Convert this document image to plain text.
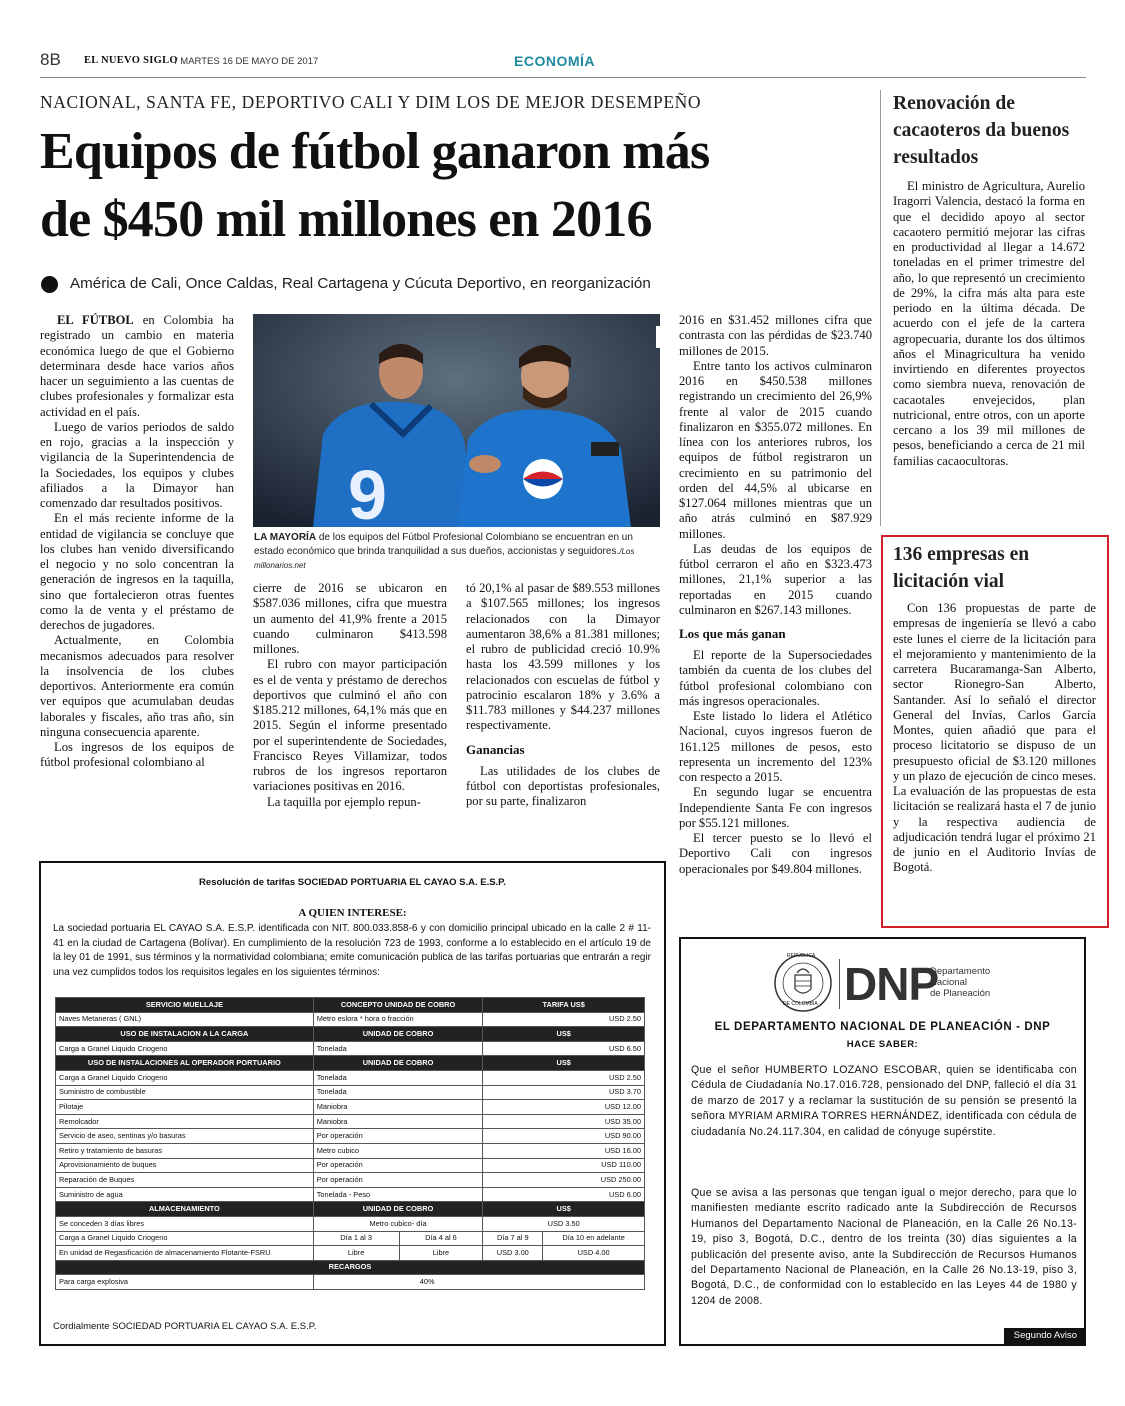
8B EL NUEVO SIGLO
/ MARTES 16 DE MAYO DE 2017	ECONOMÍA
NACIONAL, SANTA FE, DEPORTIVO CALI Y DIM LOS DE MEJOR DESEMPEÑO
Equipos de fútbol ganaron más
de $450 mil millones en 2016
América de Cali, Once Caldas, Real Cartagena y Cúcuta Deportivo, en reorganización

EL FÚTBOL en Colombia ha registrado un cambio en materia económica luego de que el Gobierno determinara desde hace varios años hacer un seguimiento a las cuentas de clubes profesionales y formalizar esta actividad en el país.

Luego de varios periodos de saldo en rojo, gracias a la inspección y vigilancia de la Superintendencia de la Sociedades, los equipos y clubes afiliados a la Dimayor han comenzado dar resultados positivos.

En el más reciente informe de la entidad de vigilancia se concluye que los clubes han venido diversificando el negocio y no solo concentran la generación de ingresos en la taquilla, sino que fortalecieron otras fuentes como la de venta y el préstamo de derechos de jugadores.

Actualmente, en Colombia mecanismos adecuados para resolver la insolvencia de los clubes deportivos. Anteriormente era común ver equipos que acumulaban deudas laborales y fiscales, año tras año, sin ninguna consecuencia aparente.

Los ingresos de los equipos de fútbol profesional colombiano al

9
LA MAYORÍA de los equipos del Fútbol Profesional Colombiano se encuentran en un estado económico que brinda tranquilidad a sus dueños, accionistas y seguidores./Los millonarios.net

cierre de 2016 se ubicaron en $587.036 millones, cifra que muestra un aumento del 41,9% frente a 2015 cuando culminaron $413.598 millones.

El rubro con mayor participación es el de venta y préstamo de derechos deportivos que culminó el año con $185.212 millones, 64,1% más que en 2015. Según el informe presentado por el superintendente de Sociedades, Francisco Reyes Villamizar, todos rubros de los ingresos reportaron variaciones positivas en 2016.

La taquilla por ejemplo repun-

tó 20,1% al pasar de $89.553 millones a $107.565 millones; los ingresos relacionados con la Dimayor aumentaron 38,6% a 81.381 millones; el rubro de publicidad creció 10.9% hasta los 43.599 millones y los relacionados con escuelas de fútbol y patrocinio escalaron 18% y 3.6% a $11.783 millones y $44.237 millones respectivamente.

Ganancias

Las utilidades de los clubes de fútbol con deportistas profesionales, por su parte, finalizaron

2016 en $31.452 millones cifra que contrasta con las pérdidas de $23.740 millones de 2015.

Entre tanto los activos culminaron 2016 en $450.538 millones registrando un crecimiento del 26,9% frente al valor de 2015 cuando finalizaron en $355.072 millones. En línea con los anteriores rubros, los equipos de fútbol registraron un crecimiento en su patrimonio del orden del 44,5% al ubicarse en $127.064 millones mientras que un año atrás culminó en $87.929 millones.

Las deudas de los equipos de fútbol cerraron el año en $323.473 millones, 21,1% superior a las reportadas en 2015 cuando culminaron en $267.143 millones.

Los que más ganan

El reporte de la Supersociedades también da cuenta de los clubes del fútbol profesional colombiano con más ingresos operacionales.

Este listado lo lidera el Atlético Nacional, cuyos ingresos fueron de 161.125 millones de pesos, esto representa un incremento del 123% con respecto a 2015.

En segundo lugar se encuentra Independiente Santa Fe con ingresos por $55.121 millones.

El tercer puesto se lo llevó el Deportivo Cali con ingresos operacionales por $49.804 millones.

Renovación de
cacaoteros da buenos
resultados

El ministro de Agricultura, Aurelio Iragorri Valencia, destacó la forma en que el decidido apoyo al sector cacaotero permitió mejorar las cifras en productividad al llegar a 14.672 toneladas en el primer trimestre del año, lo que representó un crecimiento de 29%, la cifra más alta para este periodo en la última década. De acuerdo con el jefe de la cartera agropecuaria, durante los dos últimos años el Minagricultura ha venido invirtiendo en diferentes proyectos como siembra nueva, renovación de cacaotales envejecidos, plan nutricional, entre otros, con un aporte cercano a los 39 mil millones de pesos, beneficiando a cerca de 21 mil familias cacaocultoras.

136 empresas en
licitación vial

Con 136 propuestas de parte de empresas de ingeniería se llevó a cabo este lunes el cierre de la licitación para el mejoramiento y mantenimiento de la carretera Bucaramanga-San Alberto, sector Rionegro-San Alberto, Santander. Así lo señaló el director General del Invías, Carlos García Montes, quien añadió que para el proceso licitatorio se dispuso de un presupuesto oficial de $3.120 millones y un plazo de ejecución de cinco meses. La evaluación de las propuestas de esta licitación se realizará hasta el 7 de junio y la respectiva audiencia de adjudicación tendrá lugar el próximo 21 de junio en el Auditorio Invías de Bogotá.

Resolución de tarifas SOCIEDAD PORTUARIA EL CAYAO S.A. E.S.P.
A QUIEN INTERESE:
La sociedad portuaria EL CAYAO S.A. E.S.P. identificada con NIT. 800.033.858-6 y con domicilio principal ubicado en la calle 2 # 11- 41 en la ciudad de Cartagena (Bolívar). En cumplimiento de la resolución 723 de 1993, conforme a lo establecido en el artículo 19 de la ley 01 de 1991, sus términos y la normatividad colombiana; emite comunicación publica de las tarifas portuarias que entrarán a regir una vez cumplidos todos los requisitos legales en los siguientes términos:
SERVICIO MUELLAJE	CONCEPTO UNIDAD DE COBRO		TARIFA US$	
Naves Metaneras ( GNL)	Metro eslora * hora o fracción		USD 2.50	
USO DE INSTALACION A LA CARGA	UNIDAD DE COBRO		US$	
Carga a Granel Liquido Criogeno	Tonelada		USD 6.50	
USO DE INSTALACIONES AL OPERADOR PORTUARIO	UNIDAD DE COBRO		US$	
Carga a Granel Liquido Criogeno	Tonelada		USD 2.50	
Suministro de combustible	Tonelada		USD 3.70	
Pilotaje	Maniobra		USD 12.00	
Remolcador	Maniobra		USD 35.00	
Servicio de aseo, sentinas y/o basuras	Por operación		USD 90.00	
Retiro y tratamiento de basuras	Metro cubico		USD 16.00	
Aprovisionamiento de buques	Por operación		USD 110.00	
Reparación de Buques	Por operación		USD 250.00	
Suministro de agua	Tonelada - Peso		USD 6.00	
ALMACENAMIENTO	UNIDAD DE COBRO		US$	
Se conceden 3 días libres	Metro cubico- día		USD 3.50	
Carga a Granel Liquido Criogeno	Día 1 al 3	Día 4 al 6	Día 7 al 9	Día 10 en adelante
En unidad de Regasificación de almacenamiento Flotante-FSRU	Libre	Libre	USD 3.00	USD 4.00
RECARGOS				
Para carga explosiva	40%			
Cordialmente SOCIEDAD PORTUARIA EL CAYAO S.A. E.S.P.
REPÚBLICA
DE COLOMBIA DNP
Departamento
Nacional
de Planeación
EL DEPARTAMENTO NACIONAL DE PLANEACIÓN - DNP
HACE SABER:
Que el señor HUMBERTO LOZANO ESCOBAR, quien se identificaba con Cédula de Ciudadanía No.17.016.728, pensionado del DNP, falleció el día 31 de marzo de 2017 y a reclamar la sustitución de su pensión se presentó la señora MYRIAM ARMIRA TORRES HERNÁNDEZ, identificada con cédula de ciudadanía No.24.117.304, en calidad de cónyuge supérstite.
Que se avisa a las personas que tengan igual o mejor derecho, para que lo manifiesten mediante escrito radicado ante la Subdirección de Recursos Humanos del Departamento Nacional de Planeación, en la Calle 26 No.13-19, piso 3, Bogotá, D.C., dentro de los treinta (30) días siguientes a la publicación del presente aviso, ante la Subdirección de Recursos Humanos del Departamento Nacional de Planeación, en la Calle 26 No.13-19, piso 3, Bogotá, D.C., de conformidad con lo establecido en las Leyes 44 de 1980 y 1204 de 2008.
Segundo Aviso
